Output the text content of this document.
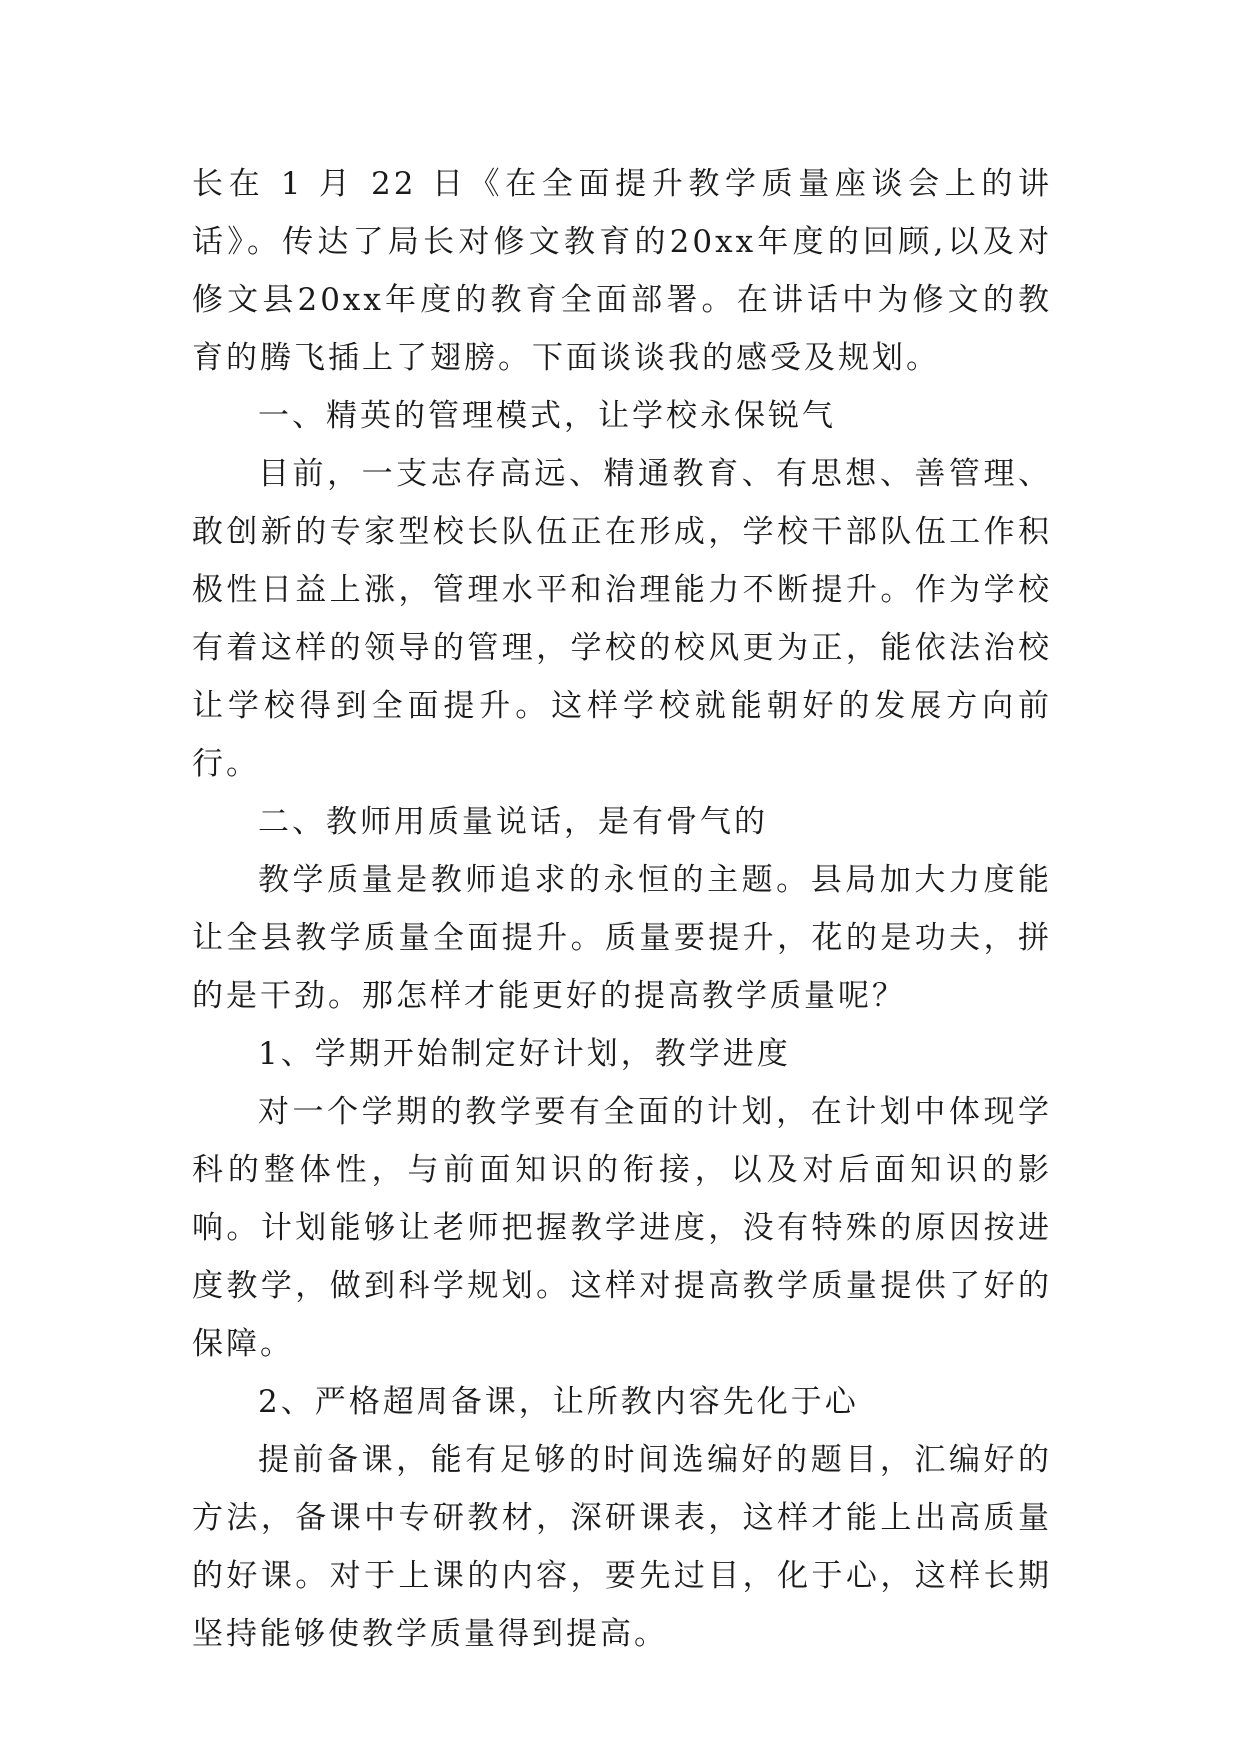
长在 1 月 22 日《在全面提升教学质量座谈会上的讲话》。传达了局长对修文教育的20xx年度的回顾,以及对修文县20xx年度的教育全面部署。在讲话中为修文的教育的腾飞插上了翅膀。下面谈谈我的感受及规划。

一、精英的管理模式，让学校永保锐气

目前，一支志存高远、精通教育、有思想、善管理、敢创新的专家型校长队伍正在形成，学校干部队伍工作积极性日益上涨，管理水平和治理能力不断提升。作为学校有着这样的领导的管理，学校的校风更为正，能依法治校让学校得到全面提升。这样学校就能朝好的发展方向前行。

二、教师用质量说话，是有骨气的

教学质量是教师追求的永恒的主题。县局加大力度能让全县教学质量全面提升。质量要提升，花的是功夫，拼的是干劲。那怎样才能更好的提高教学质量呢？

1、学期开始制定好计划，教学进度

对一个学期的教学要有全面的计划，在计划中体现学科的整体性，与前面知识的衔接，以及对后面知识的影响。计划能够让老师把握教学进度，没有特殊的原因按进度教学，做到科学规划。这样对提高教学质量提供了好的保障。

2、严格超周备课，让所教内容先化于心

提前备课，能有足够的时间选编好的题目，汇编好的方法，备课中专研教材，深研课表，这样才能上出高质量的好课。对于上课的内容，要先过目，化于心，这样长期坚持能够使教学质量得到提高。
